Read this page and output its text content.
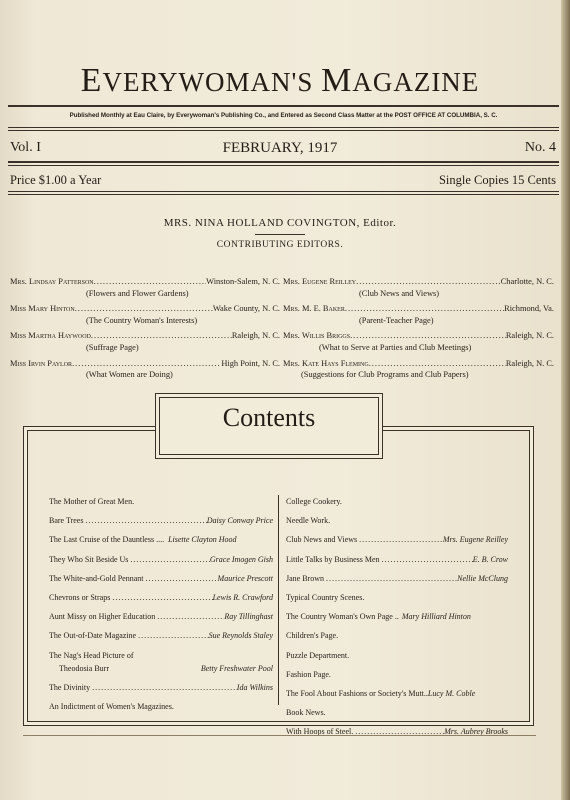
EVERYWOMAN'S MAGAZINE
Published Monthly at Eau Claire, by Everywoman's Publishing Co., and Entered as Second Class Matter at the POST OFFICE AT COLUMBIA, S. C.
Vol. I	FEBRUARY, 1917	No. 4
Price $1.00 a Year	Single Copies 15 Cents
MRS. NINA HOLLAND COVINGTON, Editor.
CONTRIBUTING EDITORS.
Mrs. Lindsay Patterson .....	Winston-Salem, N. C.
(Flowers and Flower Gardens)
Miss Mary Hinton .....	Wake County, N. C.
(The Country Woman's Interests)
Miss Martha Haywood .....	Raleigh, N. C.
(Suffrage Page)
Miss Irvin Paylor .....	High Point, N. C.
(What Women are Doing)
Mrs. Eugene Reilley .....	Charlotte, N. C.
(Club News and Views)
Mrs. M. E. Baker .....	Richmond, Va.
(Parent-Teacher Page)
Mrs. Willis Briggs .....	Raleigh, N. C.
(What to Serve at Parties and Club Meetings)
Mrs. Kate Hays Fleming .....	Raleigh, N. C.
(Suggestions for Club Programs and Club Papers)
Contents
The Mother of Great Men.
Bare Trees .....	Daisy Conway Price
The Last Cruise of the Dauntless .... Lisette Clayton Hood
They Who Sit Beside Us .....	Grace Imogen Gish
The White-and-Gold Pennant .....	Maurice Prescott
Chevrons or Straps .....	Lewis R. Crawford
Aunt Missy on Higher Education .....	Ray Tillinghast
The Out-of-Date Magazine .....	Sue Reynolds Staley
The Nag's Head Picture of
Theodosia Burr	Betty Freshwater Pool
The Divinity .....	Ida Wilkins
An Indictment of Women's Magazines.
College Cookery.
Needle Work.
Club News and Views .....	Mrs. Eugene Reilley
Little Talks by Business Men .....	E. B. Crow
Jane Brown .....	Nellie McClung
Typical Country Scenes.
The Country Woman's Own Page .. Mary Hilliard Hinton
Children's Page.
Puzzle Department.
Fashion Page.
The Fool About Fashions or Society's Mutt.. Lucy M. Coble
Book News.
With Hoops of Steel. .....	Mrs. Aubrey Brooks
